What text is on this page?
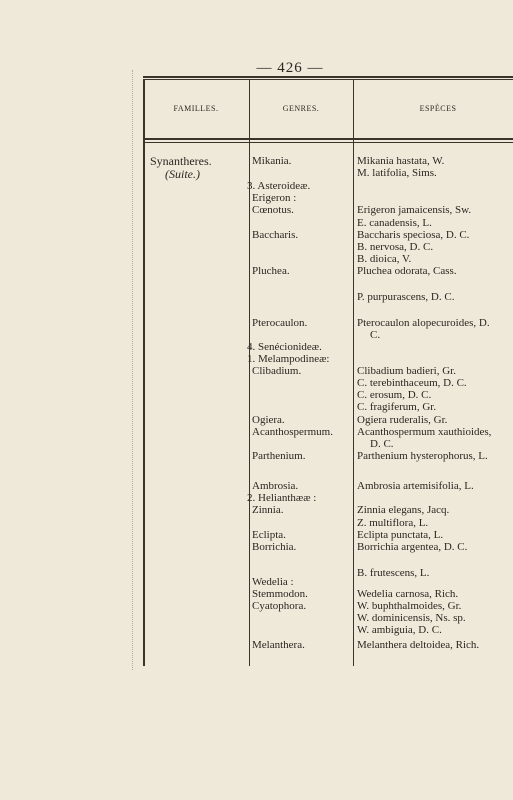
— 426 —
FAMILLES.	GENRES.	ESPÈCES
Synantheres.
(Suite.)
Mikania.
3. Asteroideæ.
Erigeron :
Cœnotus.
Baccharis.
Pluchea.
Pterocaulon.
4. Senécionideæ.
1. Melampodineæ:
Clibadium.
Ogiera.
Acanthospermum.
Parthenium.
Ambrosia.
2. Helianthææ :
Zinnia.
Eclipta.
Borrichia.
Wedelia :
Stemmodon.
Cyatophora.
Melanthera.
Mikania hastata, W.
M. latifolia, Sims.
Erigeron jamaicensis, Sw.
E. canadensis, L.
Baccharis speciosa, D. C.
B. nervosa, D. C.
B. dioica, V.
Pluchea odorata, Cass.
P. purpurascens, D. C.
Pterocaulon alopecuroides, D.
C.
Clibadium badieri, Gr.
C. terebinthaceum, D. C.
C. erosum, D. C.
C. fragiferum, Gr.
Ogiera ruderalis, Gr.
Acanthospermum xauthioides,
D. C.
Parthenium hysterophorus, L.
Ambrosia artemisifolia, L.
Zinnia elegans, Jacq.
Z. multiflora, L.
Eclipta punctata, L.
Borrichia argentea, D. C.
B. frutescens, L.
Wedelia carnosa, Rich.
W. buphthalmoides, Gr.
W. dominicensis, Ns. sp.
W. ambiguia, D. C.
Melanthera deltoidea, Rich.
